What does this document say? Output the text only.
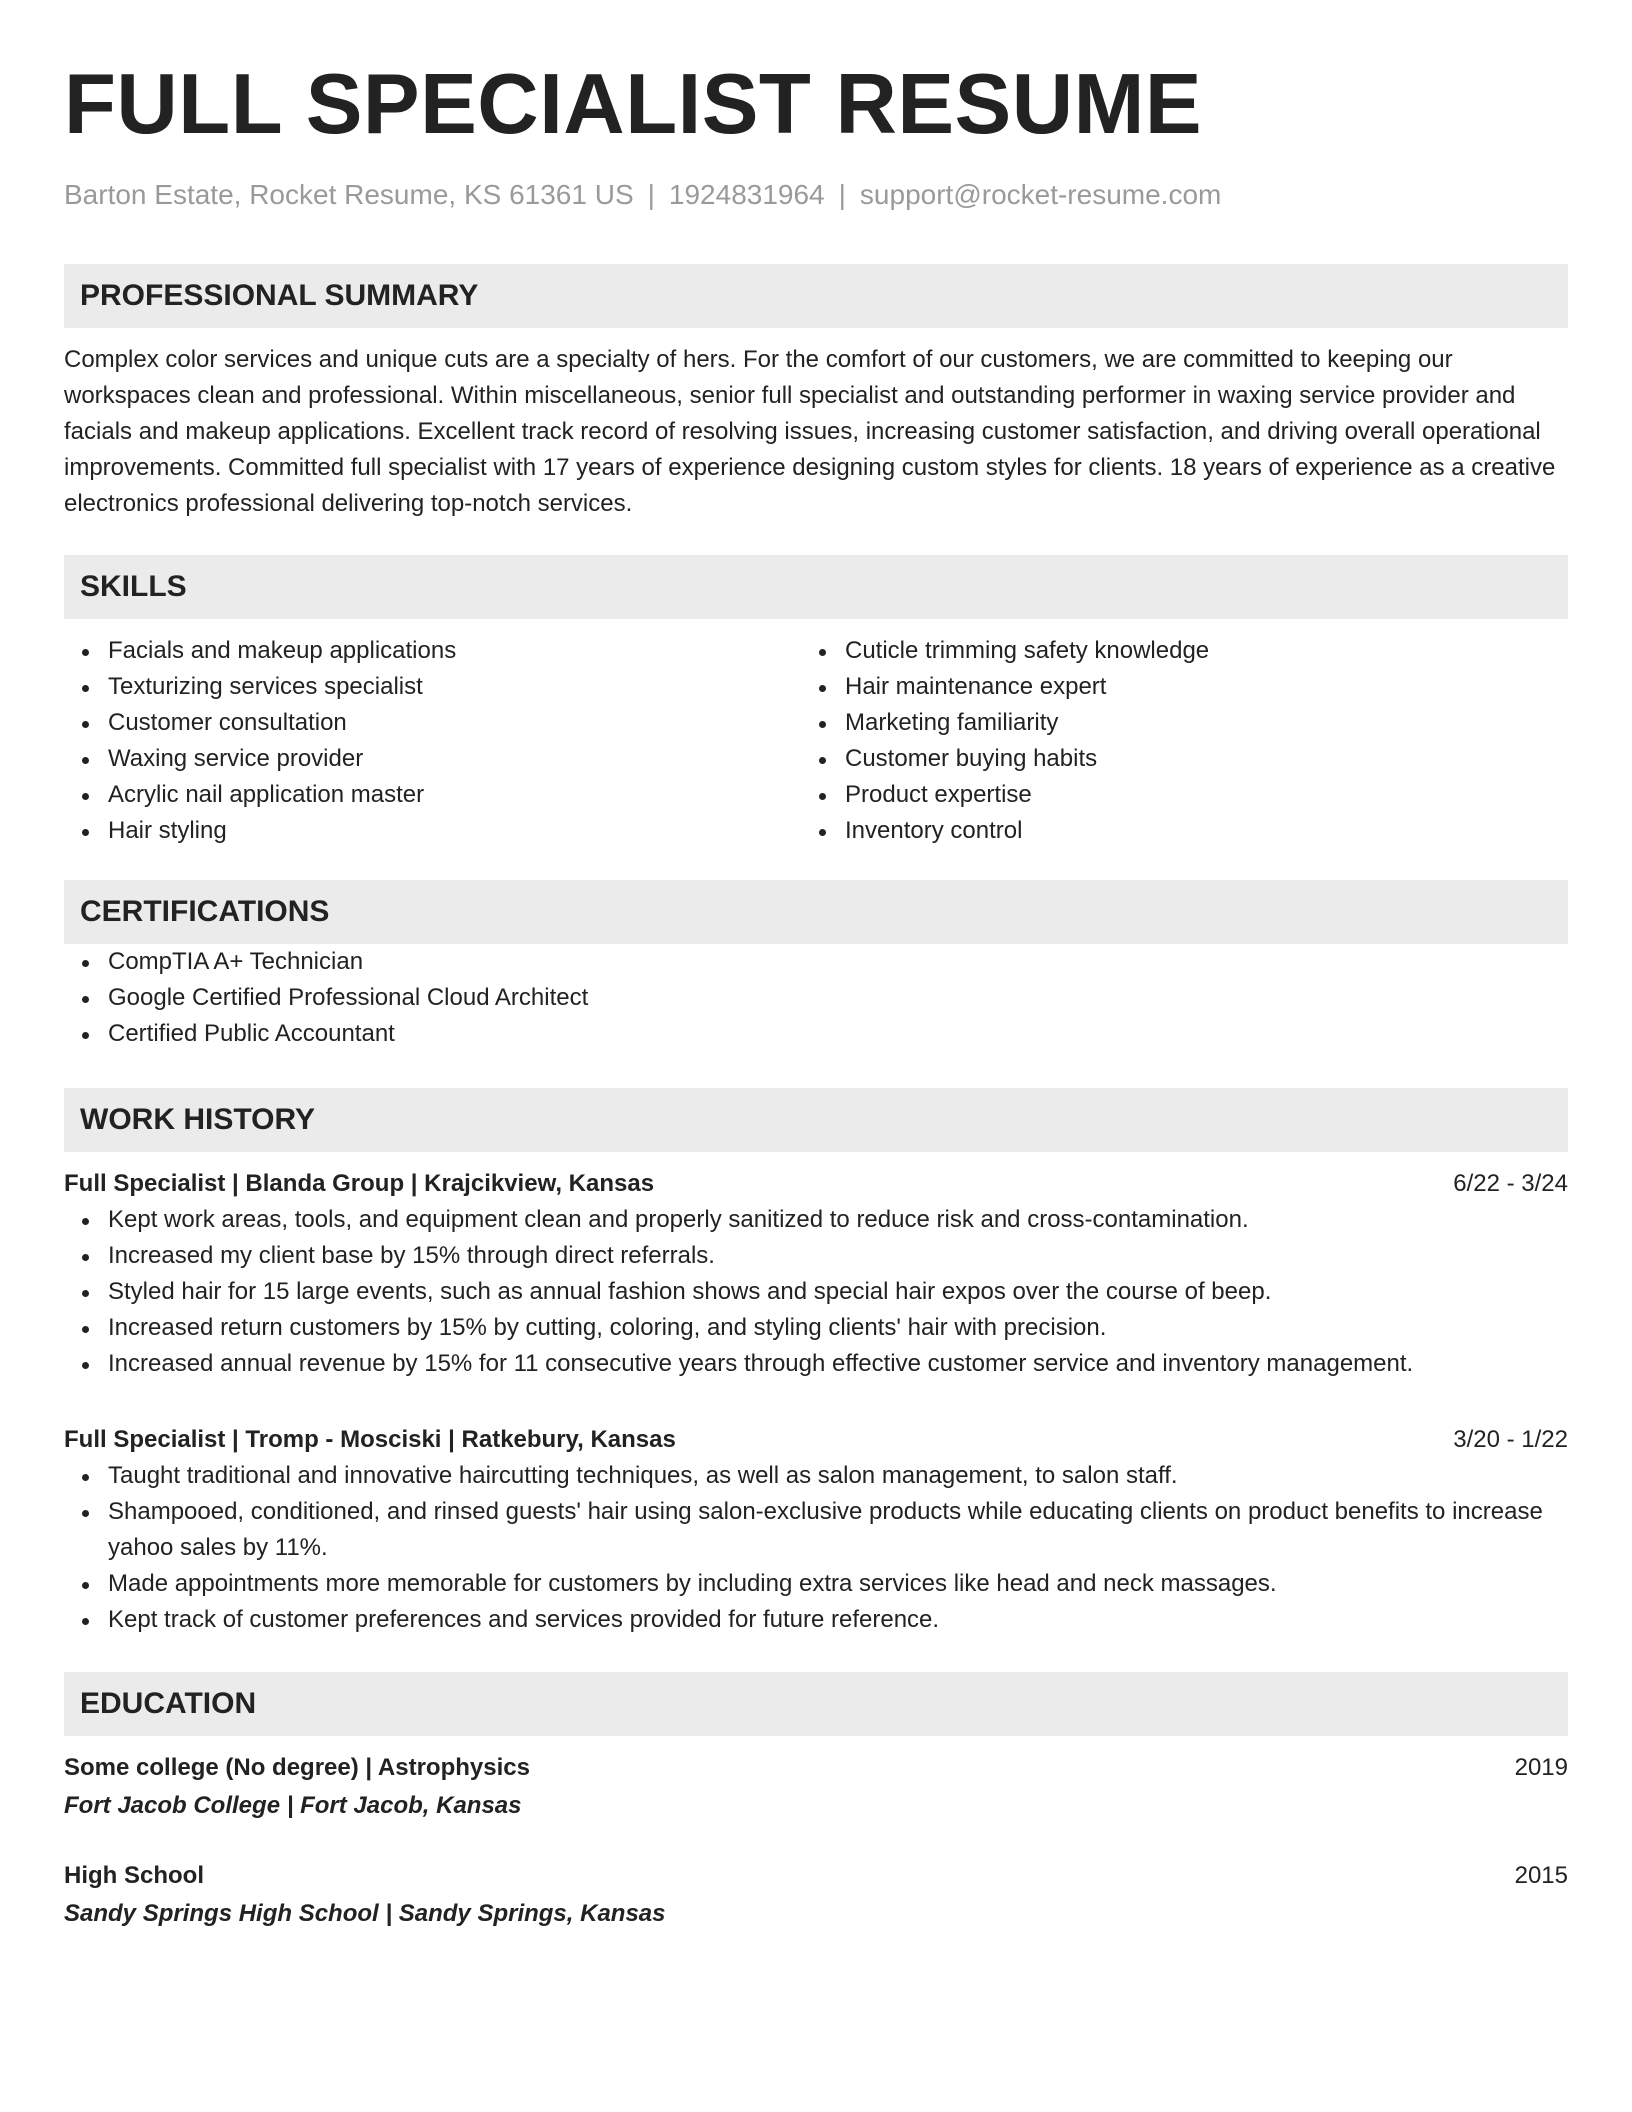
FULL SPECIALIST RESUME
Barton Estate, Rocket Resume, KS 61361 US | 1924831964 | support@rocket-resume.com
PROFESSIONAL SUMMARY

Complex color services and unique cuts are a specialty of hers. For the comfort of our customers, we are committed to keeping our workspaces clean and professional. Within miscellaneous, senior full specialist and outstanding performer in waxing service provider and facials and makeup applications. Excellent track record of resolving issues, increasing customer satisfaction, and driving overall operational improvements. Committed full specialist with 17 years of experience designing custom styles for clients. 18 years of experience as a creative electronics professional delivering top-notch services.

SKILLS
Facials and makeup applications
Texturizing services specialist
Customer consultation
Waxing service provider
Acrylic nail application master
Hair styling
Cuticle trimming safety knowledge
Hair maintenance expert
Marketing familiarity
Customer buying habits
Product expertise
Inventory control
CERTIFICATIONS
CompTIA A+ Technician
Google Certified Professional Cloud Architect
Certified Public Accountant
WORK HISTORY
Full Specialist | Blanda Group | Krajcikview, Kansas	6/22 - 3/24
Kept work areas, tools, and equipment clean and properly sanitized to reduce risk and cross-contamination.
Increased my client base by 15% through direct referrals.
Styled hair for 15 large events, such as annual fashion shows and special hair expos over the course of beep.
Increased return customers by 15% by cutting, coloring, and styling clients' hair with precision.
Increased annual revenue by 15% for 11 consecutive years through effective customer service and inventory management.
Full Specialist | Tromp - Mosciski | Ratkebury, Kansas	3/20 - 1/22
Taught traditional and innovative haircutting techniques, as well as salon management, to salon staff.
Shampooed, conditioned, and rinsed guests' hair using salon-exclusive products while educating clients on product benefits to increase yahoo sales by 11%.
Made appointments more memorable for customers by including extra services like head and neck massages.
Kept track of customer preferences and services provided for future reference.
EDUCATION
Some college (No degree) | Astrophysics	2019
Fort Jacob College | Fort Jacob, Kansas
High School	2015
Sandy Springs High School | Sandy Springs, Kansas
